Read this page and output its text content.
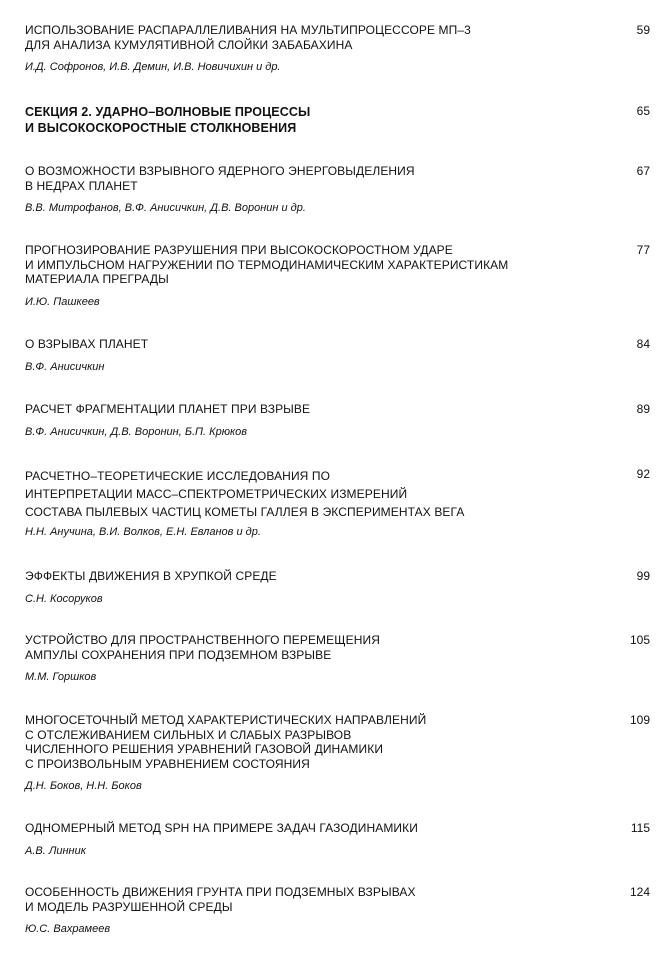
ИСПОЛЬЗОВАНИЕ РАСПАРАЛЛЕЛИВАНИЯ НА МУЛЬТИПРОЦЕССОРЕ МП–3
ДЛЯ АНАЛИЗА КУМУЛЯТИВНОЙ СЛОЙКИ ЗАБАБАХИНА
И.Д. Софронов, И.В. Демин, И.В. Новичихин и др.
59
СЕКЦИЯ 2. УДАРНО–ВОЛНОВЫЕ ПРОЦЕССЫ
И ВЫСОКОСКОРОСТНЫЕ СТОЛКНОВЕНИЯ
65
О ВОЗМОЖНОСТИ ВЗРЫВНОГО ЯДЕРНОГО ЭНЕРГОВЫДЕЛЕНИЯ
В НЕДРАХ ПЛАНЕТ
В.В. Митрофанов, В.Ф. Анисичкин, Д.В. Воронин и др.
67
ПРОГНОЗИРОВАНИЕ РАЗРУШЕНИЯ ПРИ ВЫСОКОСКОРОСТНОМ УДАРЕ
И ИМПУЛЬСНОМ НАГРУЖЕНИИ ПО ТЕРМОДИНАМИЧЕСКИМ ХАРАКТЕРИСТИКАМ
МАТЕРИАЛА ПРЕГРАДЫ
И.Ю. Пашкеев
77
О ВЗРЫВАХ ПЛАНЕТ
В.Ф. Анисичкин
84
РАСЧЕТ ФРАГМЕНТАЦИИ ПЛАНЕТ ПРИ ВЗРЫВЕ
В.Ф. Анисичкин, Д.В. Воронин, Б.П. Крюков
89
РАСЧЕТНО–ТЕОРЕТИЧЕСКИЕ ИССЛЕДОВАНИЯ ПО
ИНТЕРПРЕТАЦИИ МАСС–СПЕКТРОМЕТРИЧЕСКИХ ИЗМЕРЕНИЙ
СОСТАВА ПЫЛЕВЫХ ЧАСТИЦ КОМЕТЫ ГАЛЛЕЯ В ЭКСПЕРИМЕНТАХ ВЕГА
Н.Н. Анучина, В.И. Волков, Е.Н. Евланов и др.
92
ЭФФЕКТЫ ДВИЖЕНИЯ В ХРУПКОЙ СРЕДЕ
С.Н. Косоруков
99
УСТРОЙСТВО ДЛЯ ПРОСТРАНСТВЕННОГО ПЕРЕМЕЩЕНИЯ
АМПУЛЫ СОХРАНЕНИЯ ПРИ ПОДЗЕМНОМ ВЗРЫВЕ
М.М. Горшков
105
МНОГОСЕТОЧНЫЙ МЕТОД ХАРАКТЕРИСТИЧЕСКИХ НАПРАВЛЕНИЙ
С ОТСЛЕЖИВАНИЕМ СИЛЬНЫХ И СЛАБЫХ РАЗРЫВОВ
ЧИСЛЕННОГО РЕШЕНИЯ УРАВНЕНИЙ ГАЗОВОЙ ДИНАМИКИ
С ПРОИЗВОЛЬНЫМ УРАВНЕНИЕМ СОСТОЯНИЯ
Д.Н. Боков, Н.Н. Боков
109
ОДНОМЕРНЫЙ МЕТОД SPH НА ПРИМЕРЕ ЗАДАЧ ГАЗОДИНАМИКИ
А.В. Линник
115
ОСОБЕННОСТЬ ДВИЖЕНИЯ ГРУНТА ПРИ ПОДЗЕМНЫХ ВЗРЫВАХ
И МОДЕЛЬ РАЗРУШЕННОЙ СРЕДЫ
Ю.С. Вахрамеев
124
